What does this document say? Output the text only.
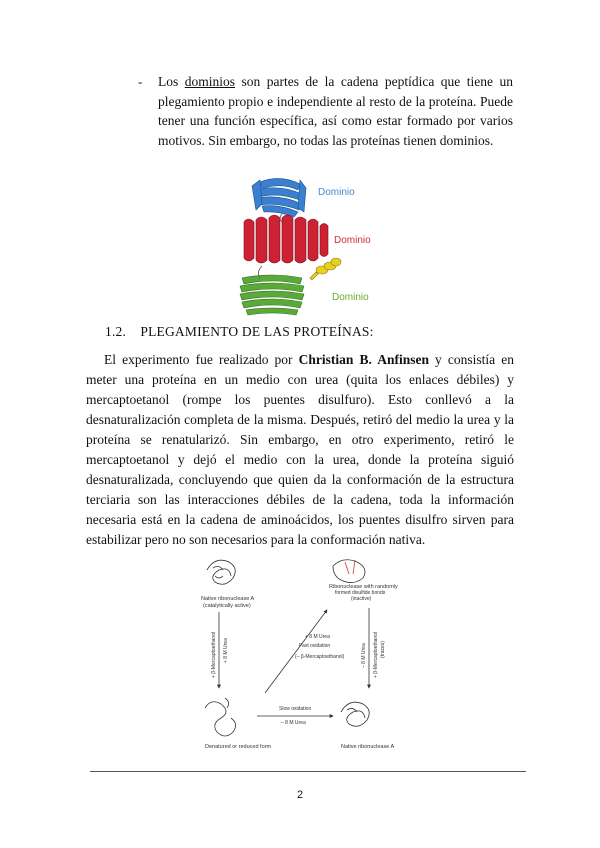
- Los dominios son partes de la cadena peptídica que tiene un plegamiento propio e independiente al resto de la proteína. Puede tener una función específica, así como estar formado por varios motivos. Sin embargo, no todas las proteínas tienen dominios.
Dominio
Dominio
Dominio
1.2. PLEGAMIENTO DE LAS PROTEÍNAS:
El experimento fue realizado por Christian B. Anfinsen y consistía en meter una proteína en un medio con urea (quita los enlaces débiles) y mercaptoetanol (rompe los puentes disulfuro). Esto conllevó a la desnaturalización completa de la misma. Después, retiró del medio la urea y la proteína se renatularizó. Sin embargo, en otro experimento, retiró le mercaptoetanol y dejó el medio con la urea, donde la proteína siguió desnaturalizada, concluyendo que quien da la conformación de la estructura terciaria son las interacciones débiles de la cadena, toda la información necesaria está en la cadena de aminoácidos, los puentes disulfro sirven para estabilizar pero no son necesarios para la conformación nativa.
Native ribonuclease A
(catalytically active)
Ribonuclease with randomly
formed disulfide bonds
(inactive)
Denatured or reduced form	Native ribonuclease A
+ β-Mercaptoethanol + 8 M Urea
+ 8 M Urea
Fast oxidation
(– β-Mercaptoethanol)	– 8 M Urea + β-Mercaptoethanol (traces)
Slow oxidation
– 8 M Urea
2
